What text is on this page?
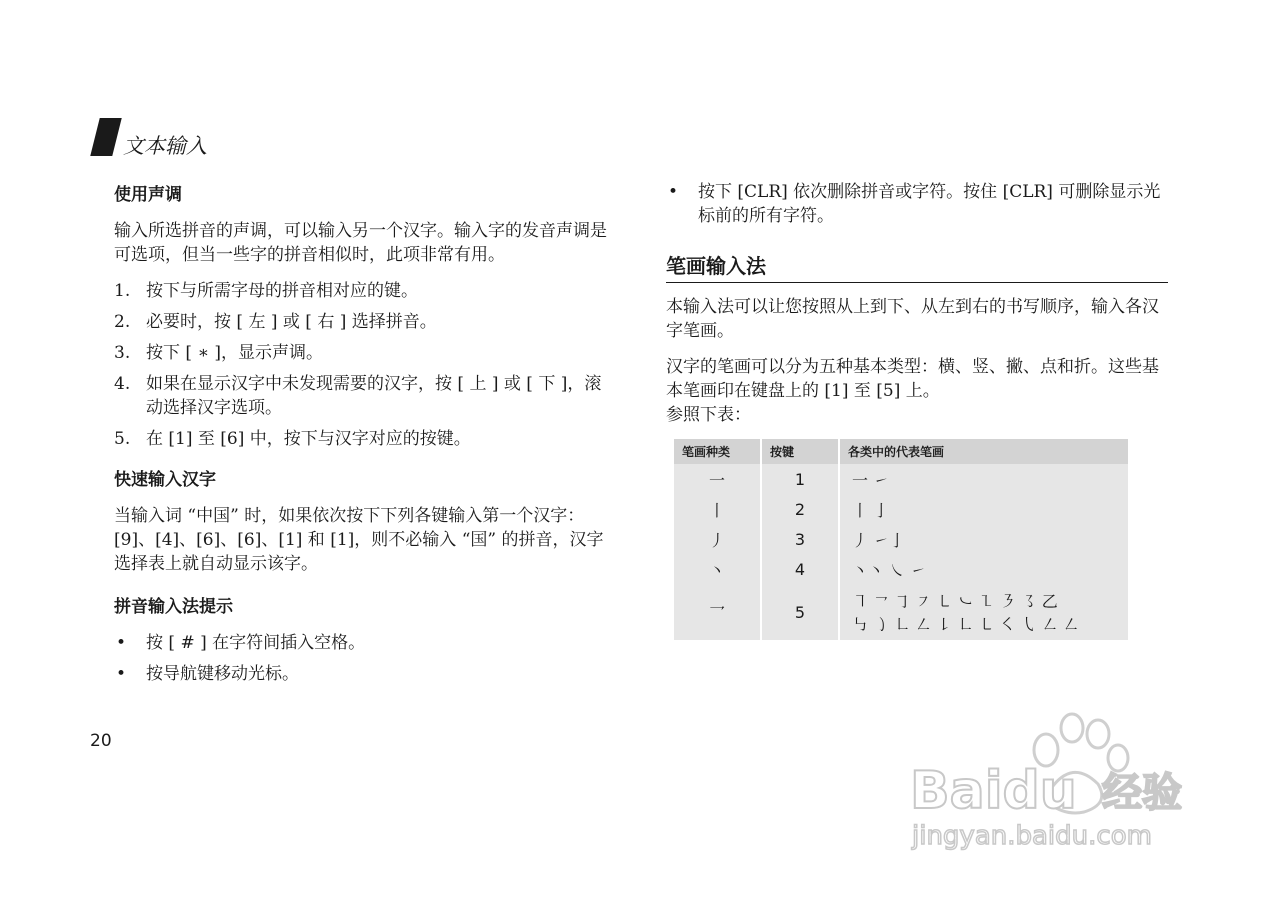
文本输入
使用声调
输入所选拼音的声调，可以输入另一个汉字。输入字的发音声调是可选项，但当一些字的拼音相似时，此项非常有用。
1. 按下与所需字母的拼音相对应的键。
2. 必要时，按 [ 左 ] 或 [ 右 ] 选择拼音。
3. 按下 [ ∗ ]，显示声调。
4. 如果在显示汉字中未发现需要的汉字，按 [ 上 ] 或 [ 下 ]，滚动选择汉字选项。
5. 在 [1] 至 [6] 中，按下与汉字对应的按键。
快速输入汉字
当输入词 “中国” 时，如果依次按下下列各键输入第一个汉字：[9]、[4]、[6]、[6]、[1] 和 [1]，则不必输入 “国” 的拼音，汉字选择表上就自动显示该字。
拼音输入法提示
• 按 [ # ] 在字符间插入空格。
• 按导航键移动光标。
• 按下 [CLR] 依次删除拼音或字符。按住 [CLR] 可删除显示光标前的所有字符。
笔画输入法
本输入法可以让您按照从上到下、从左到右的书写顺序，输入各汉字笔画。
汉字的笔画可以分为五种基本类型：横、竖、撇、点和折。这些基本笔画印在键盘上的 [1] 至 [5] 上。
参照下表：
笔画种类	按键	各类中的代表笔画
一	1	一 ㇀
丨	2	丨 亅
丿	3	丿 ㇀亅
丶	4	丶丶 ㇏ ㇀
乛	5	㇕ ㇖ ㇆ ㇇ ㇄ ㇃ ㇅ ㇋ ㇌ 乙
㇉ ㇁ ㇗ ㇜ ㇙ ㇗ ㇄ ㇛ ㇂ ㇜ ㇜
20
Baidu 经验
jingyan.baidu.com
